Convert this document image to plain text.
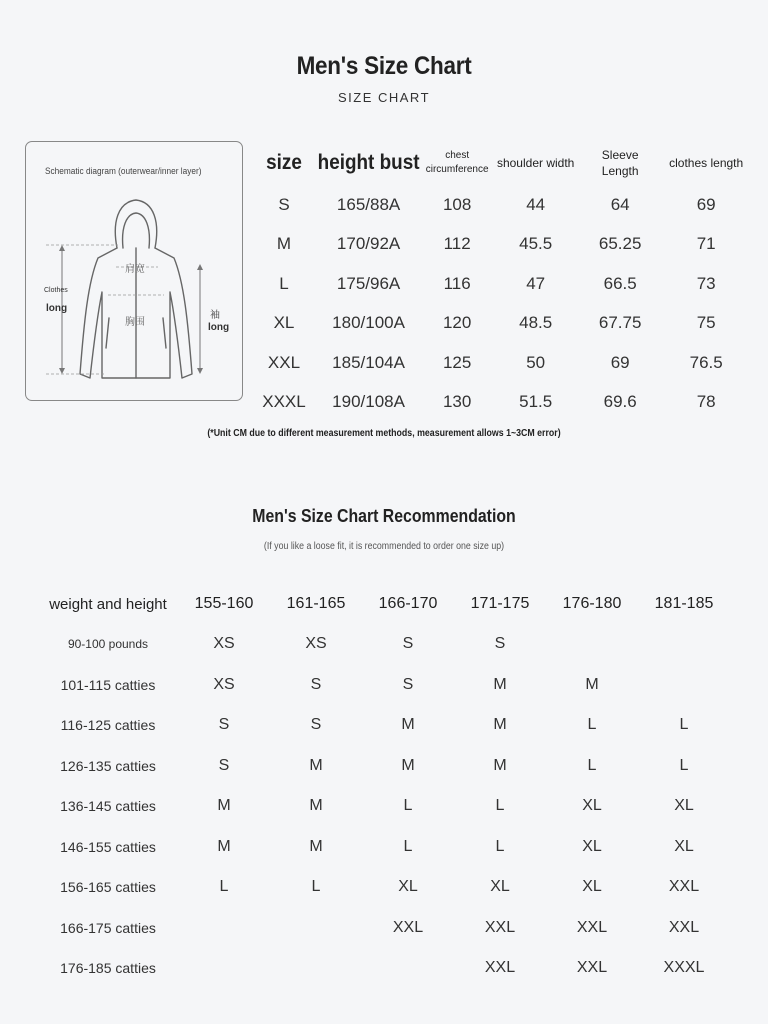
Men's Size Chart
SIZE CHART
Schematic diagram (outerwear/inner layer)
Clothes
long
袖
long
肩宽
胸围
size	height bust	chest circumference	shoulder width	Sleeve Length	clothes length
S	165/88A	108	44	64	69
M	170/92A	112	45.5	65.25	71
L	175/96A	116	47	66.5	73
XL	180/100A	120	48.5	67.75	75
XXL	185/104A	125	50	69	76.5
XXXL	190/108A	130	51.5	69.6	78
(*Unit CM due to different measurement methods, measurement allows 1~3CM error)
Men's Size Chart Recommendation
(If you like a loose fit, it is recommended to order one size up)
weight and height	155-160	161-165	166-170	171-175	176-180	181-185
90-100 pounds	XS	XS	S	S		
101-115 catties	XS	S	S	M	M	
116-125 catties	S	S	M	M	L	L
126-135 catties	S	M	M	M	L	L
136-145 catties	M	M	L	L	XL	XL
146-155 catties	M	M	L	L	XL	XL
156-165 catties	L	L	XL	XL	XL	XXL
166-175 catties			XXL	XXL	XXL	XXL
176-185 catties				XXL	XXL	XXXL
